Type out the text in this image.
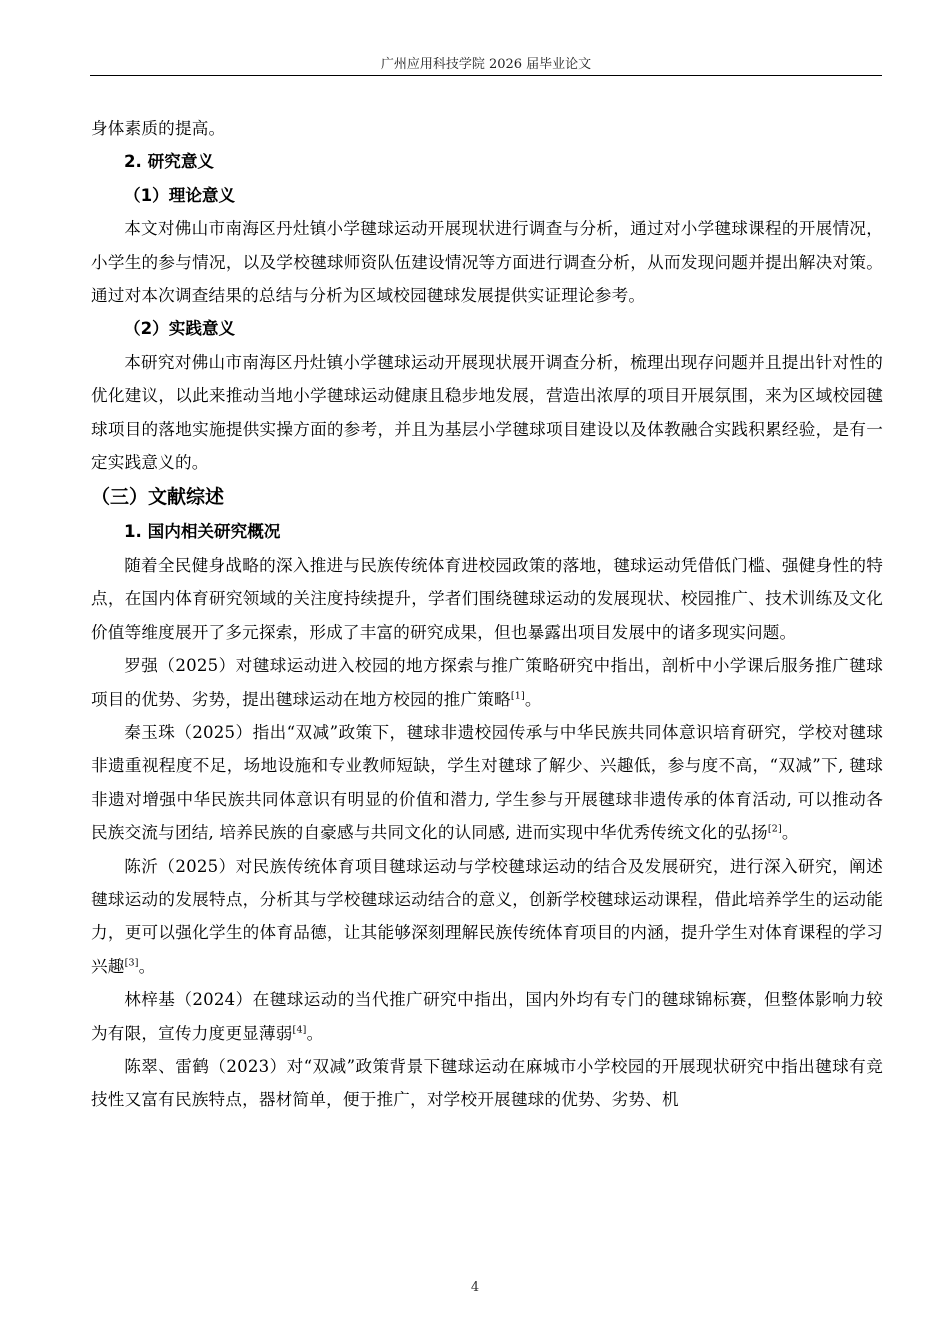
广州应用科技学院 2026 届毕业论文

身体素质的提高。

2. 研究意义

（1）理论意义

本文对佛山市南海区丹灶镇小学毽球运动开展现状进行调查与分析，通过对小学毽球课程的开展情况，小学生的参与情况，以及学校毽球师资队伍建设情况等方面进行调查分析，从而发现问题并提出解决对策。通过对本次调查结果的总结与分析为区域校园毽球发展提供实证理论参考。

（2）实践意义

本研究对佛山市南海区丹灶镇小学毽球运动开展现状展开调查分析，梳理出现存问题并且提出针对性的优化建议，以此来推动当地小学毽球运动健康且稳步地发展，营造出浓厚的项目开展氛围，来为区域校园毽球项目的落地实施提供实操方面的参考，并且为基层小学毽球项目建设以及体教融合实践积累经验，是有一定实践意义的。

（三）文献综述

1. 国内相关研究概况

随着全民健身战略的深入推进与民族传统体育进校园政策的落地，毽球运动凭借低门槛、强健身性的特点，在国内体育研究领域的关注度持续提升，学者们围绕毽球运动的发展现状、校园推广、技术训练及文化价值等维度展开了多元探索，形成了丰富的研究成果，但也暴露出项目发展中的诸多现实问题。

罗强（2025）对毽球运动进入校园的地方探索与推广策略研究中指出，剖析中小学课后服务推广毽球项目的优势、劣势，提出毽球运动在地方校园的推广策略[1]。

秦玉珠（2025）指出“双减”政策下，毽球非遗校园传承与中华民族共同体意识培育研究，学校对毽球非遗重视程度不足，场地设施和专业教师短缺，学生对毽球了解少、兴趣低，参与度不高，“双减”下, 毽球非遗对增强中华民族共同体意识有明显的价值和潜力, 学生参与开展毽球非遗传承的体育活动, 可以推动各民族交流与团结, 培养民族的自豪感与共同文化的认同感, 进而实现中华优秀传统文化的弘扬[2]。

陈沂（2025）对民族传统体育项目毽球运动与学校毽球运动的结合及发展研究，进行深入研究，阐述毽球运动的发展特点，分析其与学校毽球运动结合的意义，创新学校毽球运动课程，借此培养学生的运动能力，更可以强化学生的体育品德，让其能够深刻理解民族传统体育项目的内涵，提升学生对体育课程的学习兴趣[3]。

林梓基（2024）在毽球运动的当代推广研究中指出，国内外均有专门的毽球锦标赛，但整体影响力较为有限，宣传力度更显薄弱[4]。

陈翠、雷鹤（2023）对“双减”政策背景下毽球运动在麻城市小学校园的开展现状研究中指出毽球有竞技性又富有民族特点，器材简单，便于推广，对学校开展毽球的优势、劣势、机

4
